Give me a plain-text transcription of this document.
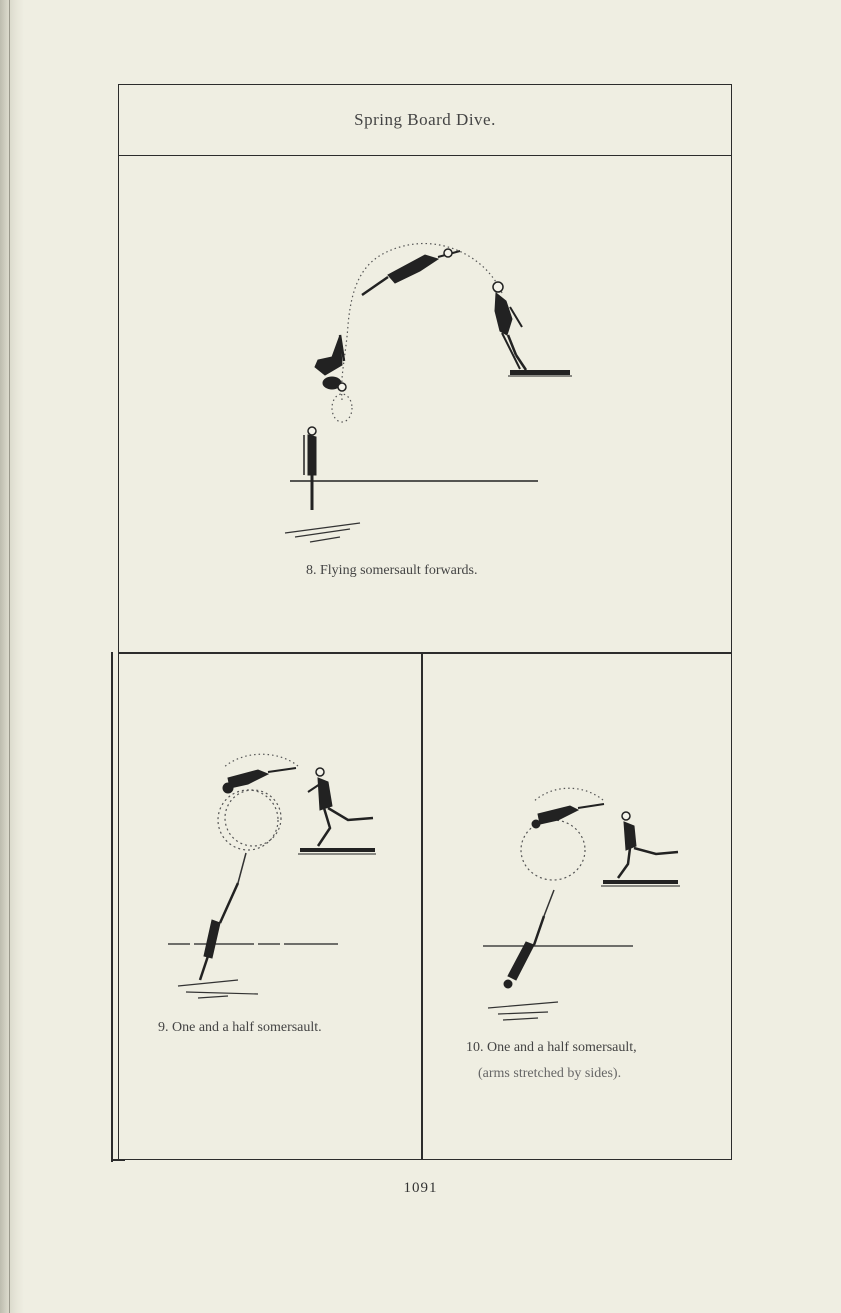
Spring Board Dive.
8. Flying somersault forwards.
9. One and a half somersault.
10. One and a half somersault,
(arms stretched by sides).
1091
